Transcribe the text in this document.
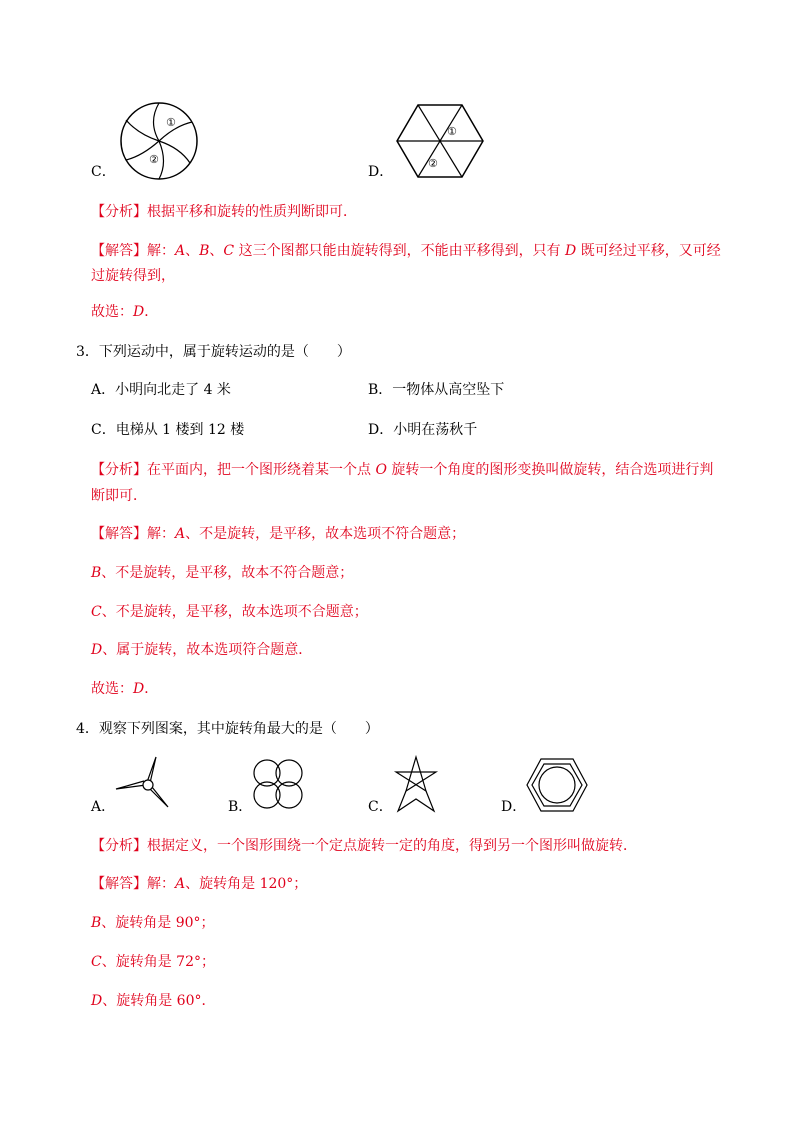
C．
①
②
D．
①
②
【分析】根据平移和旋转的性质判断即可．
【解答】解：A、B、C 这三个图都只能由旋转得到，不能由平移得到，只有 D 既可经过平移，又可经
过旋转得到，
故选：D．
3．下列运动中，属于旋转运动的是（　　）
A．小明向北走了 4 米	B．一物体从高空坠下
C．电梯从 1 楼到 12 楼	D．小明在荡秋千
【分析】在平面内，把一个图形绕着某一个点 O 旋转一个角度的图形变换叫做旋转，结合选项进行判
断即可．
【解答】解：A、不是旋转，是平移，故本选项不符合题意；
B、不是旋转，是平移，故本不符合题意；
C、不是旋转，是平移，故本选项不合题意；
D、属于旋转，故本选项符合题意．
故选：D．
4．观察下列图案，其中旋转角最大的是（　　）
A．	B．	C．	D．
【分析】根据定义，一个图形围绕一个定点旋转一定的角度，得到另一个图形叫做旋转．
【解答】解：A、旋转角是 120°；
B、旋转角是 90°；
C、旋转角是 72°；
D、旋转角是 60°．
